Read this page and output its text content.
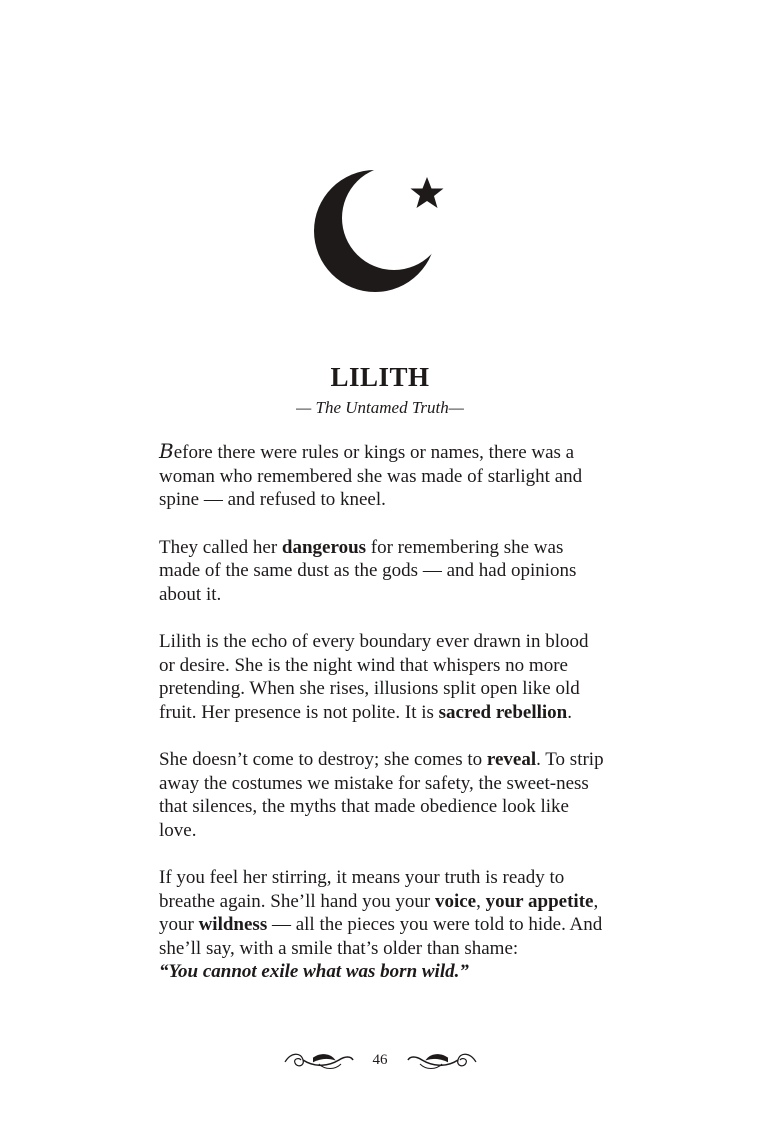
LILITH
— The Untamed Truth—

Before there were rules or kings or names, there was a woman who remembered she was made of starlight and spine — and refused to kneel.

They called her dangerous for remembering she was made of the same dust as the gods — and had opinions about it.

Lilith is the echo of every boundary ever drawn in blood or desire. She is the night wind that whispers no more pretending. When she rises, illusions split open like old fruit. Her presence is not polite. It is sacred rebellion.

She doesn’t come to destroy; she comes to reveal. To strip away the costumes we mistake for safety, the sweet-ness that silences, the myths that made obedience look like love.

If you feel her stirring, it means your truth is ready to breathe again. She’ll hand you your voice, your appetite, your wildness — all the pieces you were told to hide. And she’ll say, with a smile that’s older than shame:
“You cannot exile what was born wild.”

46
